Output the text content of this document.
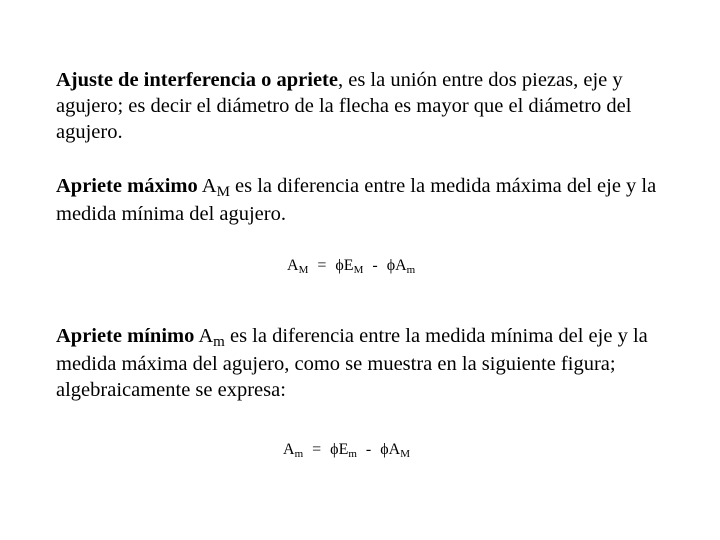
Ajuste de interferencia o apriete, es la unión entre dos piezas, eje y agujero; es decir el diámetro de la flecha es mayor que el diámetro del agujero.

Apriete máximo AM es la diferencia entre la medida máxima del eje y la medida mínima del agujero.

AM = ϕEM - ϕAm

Apriete mínimo Am es la diferencia entre la medida mínima del eje y la medida máxima del agujero, como se muestra en la siguiente figura; algebraicamente se expresa:

Am = ϕEm - ϕAM
